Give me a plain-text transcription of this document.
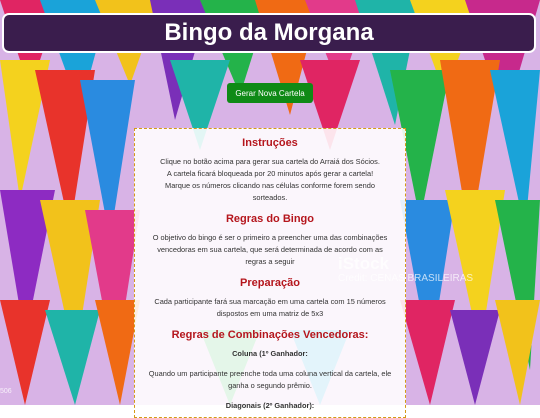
Bingo da Morgana
Gerar Nova Cartela
Instruções

Clique no botão acima para gerar sua cartela do Arraiá dos Sócios.

A cartela ficará bloqueada por 20 minutos após gerar a cartela!

Marque os números clicando nas células conforme forem sendo

sorteados.

Regras do Bingo

O objetivo do bingo é ser o primeiro a preencher uma das combinações

vencedoras em sua cartela, que será determinada de acordo com as

regras a seguir

Preparação

Cada participante fará sua marcação em uma cartela com 15 números

dispostos em uma matriz de 5x3

Regras de Combinações Vencedoras:

Coluna (1º Ganhador:

Quando um participante preenche toda uma coluna vertical da cartela, ele

ganha o segundo prêmio.

Diagonais (2º Ganhador):

iStock
Credit: CENAS BRASILEIRAS
506
